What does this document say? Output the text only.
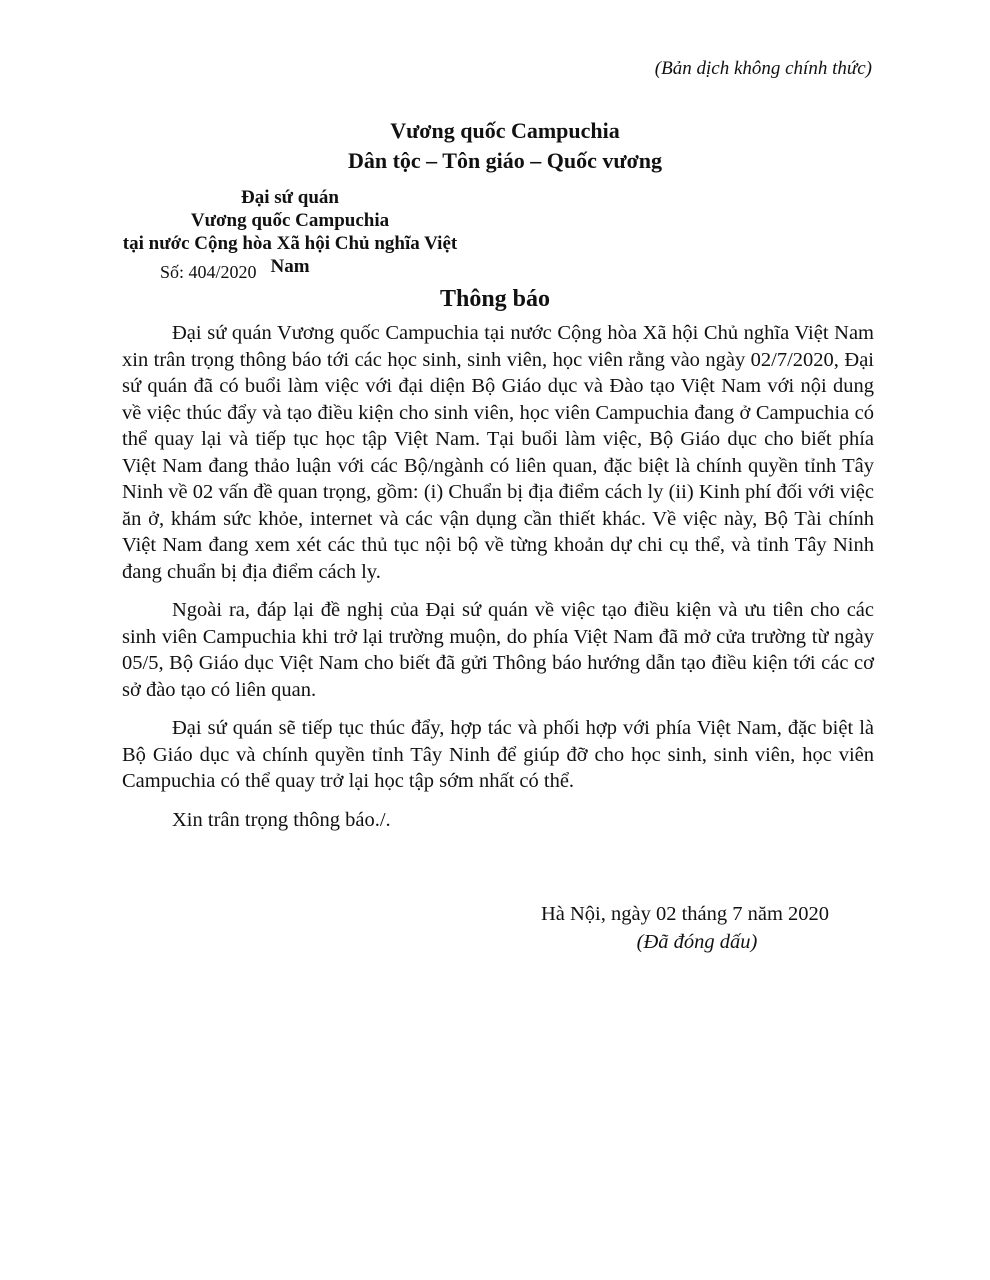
(Bản dịch không chính thức)
Vương quốc Campuchia
Dân tộc – Tôn giáo – Quốc vương
Đại sứ quán
Vương quốc Campuchia
tại nước Cộng hòa Xã hội Chủ nghĩa Việt Nam
Số: 404/2020
Thông báo

Đại sứ quán Vương quốc Campuchia tại nước Cộng hòa Xã hội Chủ nghĩa Việt Nam xin trân trọng thông báo tới các học sinh, sinh viên, học viên rằng vào ngày 02/7/2020, Đại sứ quán đã có buổi làm việc với đại diện Bộ Giáo dục và Đào tạo Việt Nam với nội dung về việc thúc đẩy và tạo điều kiện cho sinh viên, học viên Campuchia đang ở Campuchia có thể quay lại và tiếp tục học tập Việt Nam. Tại buổi làm việc, Bộ Giáo dục cho biết phía Việt Nam đang thảo luận với các Bộ/ngành có liên quan, đặc biệt là chính quyền tỉnh Tây Ninh về 02 vấn đề quan trọng, gồm: (i) Chuẩn bị địa điểm cách ly (ii) Kinh phí đối với việc ăn ở, khám sức khỏe, internet và các vận dụng cần thiết khác. Về việc này, Bộ Tài chính Việt Nam đang xem xét các thủ tục nội bộ về từng khoản dự chi cụ thể, và tỉnh Tây Ninh đang chuẩn bị địa điểm cách ly.

Ngoài ra, đáp lại đề nghị của Đại sứ quán về việc tạo điều kiện và ưu tiên cho các sinh viên Campuchia khi trở lại trường muộn, do phía Việt Nam đã mở cửa trường từ ngày 05/5, Bộ Giáo dục Việt Nam cho biết đã gửi Thông báo hướng dẫn tạo điều kiện tới các cơ sở đào tạo có liên quan.

Đại sứ quán sẽ tiếp tục thúc đẩy, hợp tác và phối hợp với phía Việt Nam, đặc biệt là Bộ Giáo dục và chính quyền tỉnh Tây Ninh để giúp đỡ cho học sinh, sinh viên, học viên Campuchia có thể quay trở lại học tập sớm nhất có thể.

Xin trân trọng thông báo./.

Hà Nội, ngày 02 tháng 7 năm 2020
(Đã đóng dấu)
